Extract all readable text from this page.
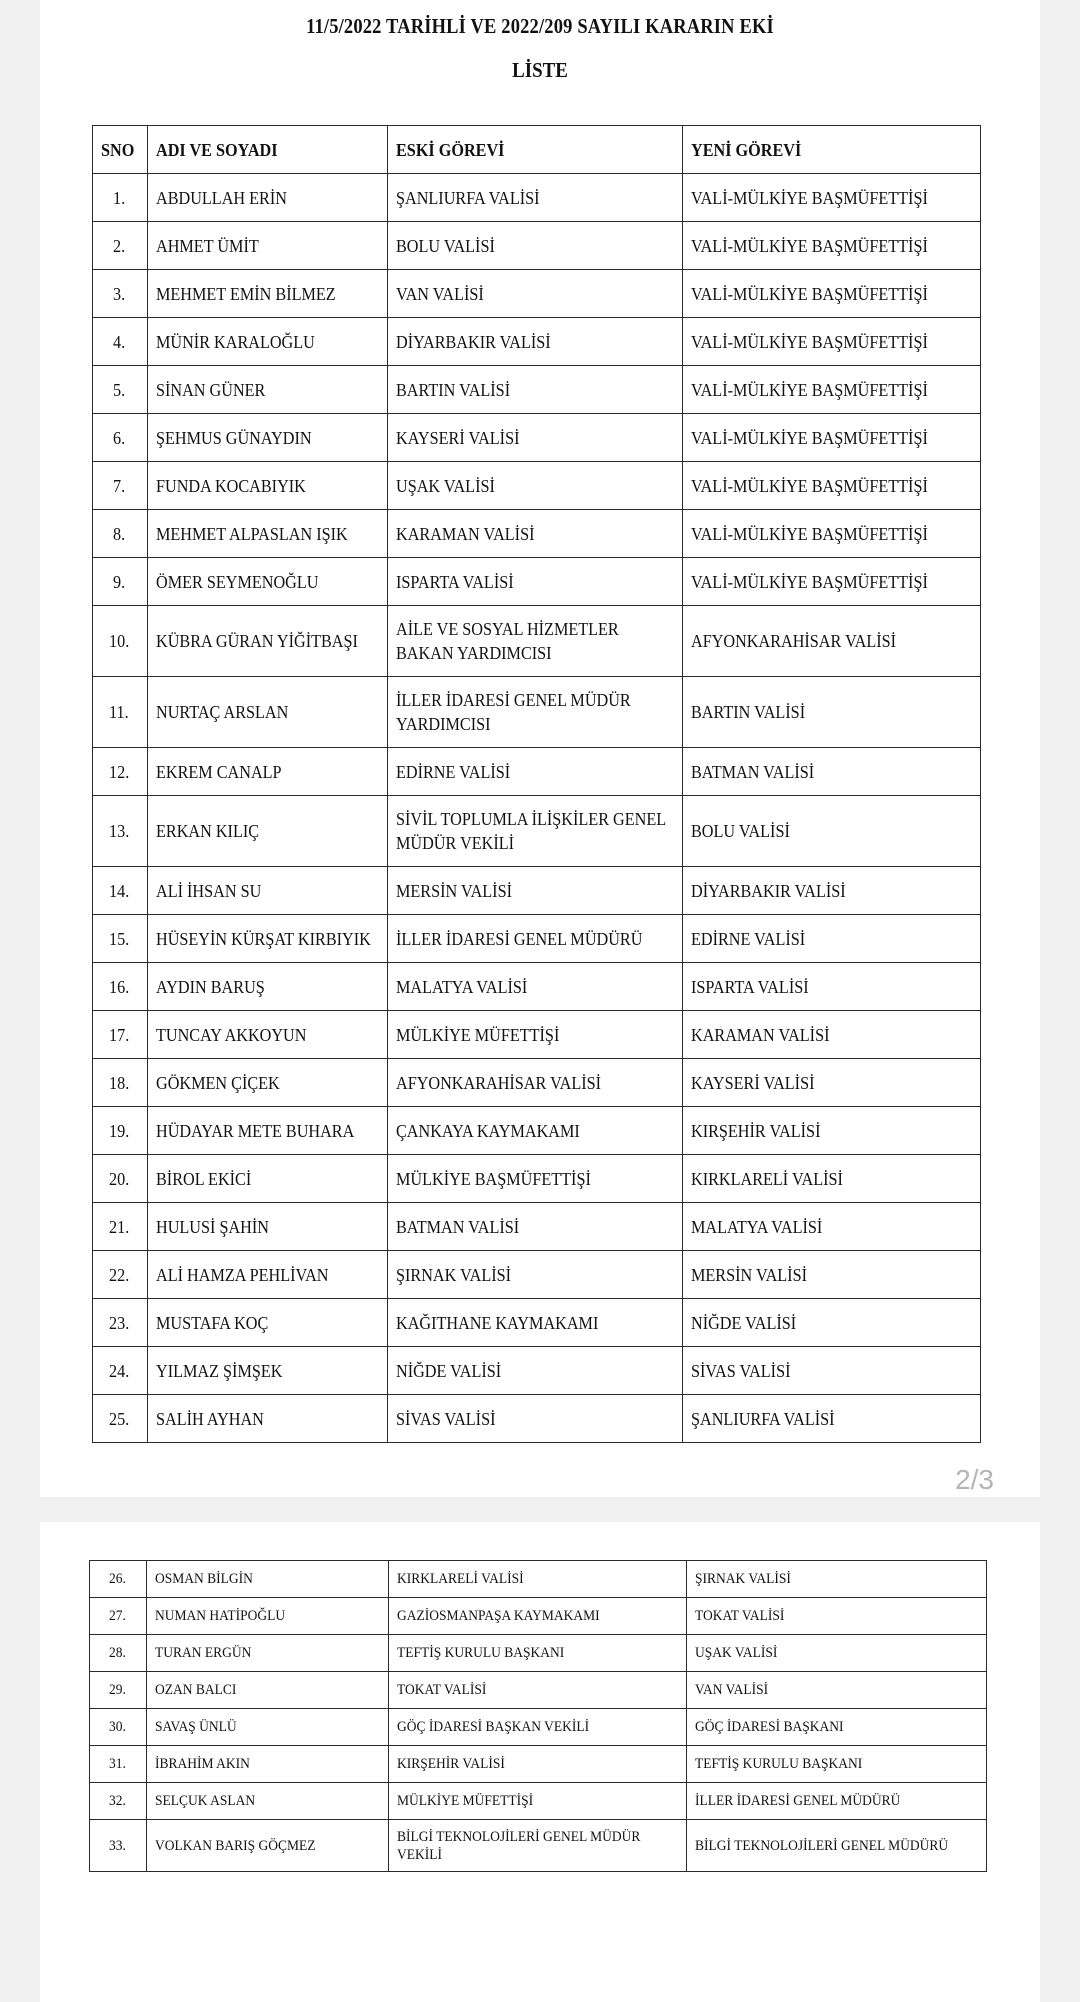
11/5/2022 TARİHLİ VE 2022/209 SAYILI KARARIN EKİ
LİSTE
SNO	ADI VE SOYADI	ESKİ GÖREVİ	YENİ GÖREVİ
1.	ABDULLAH ERİN	ŞANLIURFA VALİSİ	VALİ-MÜLKİYE BAŞMÜFETTİŞİ
2.	AHMET ÜMİT	BOLU VALİSİ	VALİ-MÜLKİYE BAŞMÜFETTİŞİ
3.	MEHMET EMİN BİLMEZ	VAN VALİSİ	VALİ-MÜLKİYE BAŞMÜFETTİŞİ
4.	MÜNİR KARALOĞLU	DİYARBAKIR VALİSİ	VALİ-MÜLKİYE BAŞMÜFETTİŞİ
5.	SİNAN GÜNER	BARTIN VALİSİ	VALİ-MÜLKİYE BAŞMÜFETTİŞİ
6.	ŞEHMUS GÜNAYDIN	KAYSERİ VALİSİ	VALİ-MÜLKİYE BAŞMÜFETTİŞİ
7.	FUNDA KOCABIYIK	UŞAK VALİSİ	VALİ-MÜLKİYE BAŞMÜFETTİŞİ
8.	MEHMET ALPASLAN IŞIK	KARAMAN VALİSİ	VALİ-MÜLKİYE BAŞMÜFETTİŞİ
9.	ÖMER SEYMENOĞLU	ISPARTA VALİSİ	VALİ-MÜLKİYE BAŞMÜFETTİŞİ
10.	KÜBRA GÜRAN YİĞİTBAŞI	AİLE VE SOSYAL HİZMETLER BAKAN YARDIMCISI	AFYONKARAHİSAR VALİSİ
11.	NURTAÇ ARSLAN	İLLER İDARESİ GENEL MÜDÜR YARDIMCISI	BARTIN VALİSİ
12.	EKREM CANALP	EDİRNE VALİSİ	BATMAN VALİSİ
13.	ERKAN KILIÇ	SİVİL TOPLUMLA İLİŞKİLER GENEL MÜDÜR VEKİLİ	BOLU VALİSİ
14.	ALİ İHSAN SU	MERSİN VALİSİ	DİYARBAKIR VALİSİ
15.	HÜSEYİN KÜRŞAT KIRBIYIK	İLLER İDARESİ GENEL MÜDÜRÜ	EDİRNE VALİSİ
16.	AYDIN BARUŞ	MALATYA VALİSİ	ISPARTA VALİSİ
17.	TUNCAY AKKOYUN	MÜLKİYE MÜFETTİŞİ	KARAMAN VALİSİ
18.	GÖKMEN ÇİÇEK	AFYONKARAHİSAR VALİSİ	KAYSERİ VALİSİ
19.	HÜDAYAR METE BUHARA	ÇANKAYA KAYMAKAMI	KIRŞEHİR VALİSİ
20.	BİROL EKİCİ	MÜLKİYE BAŞMÜFETTİŞİ	KIRKLARELİ VALİSİ
21.	HULUSİ ŞAHİN	BATMAN VALİSİ	MALATYA VALİSİ
22.	ALİ HAMZA PEHLİVAN	ŞIRNAK VALİSİ	MERSİN VALİSİ
23.	MUSTAFA KOÇ	KAĞITHANE KAYMAKAMI	NİĞDE VALİSİ
24.	YILMAZ ŞİMŞEK	NİĞDE VALİSİ	SİVAS VALİSİ
25.	SALİH AYHAN	SİVAS VALİSİ	ŞANLIURFA VALİSİ
2/3
26.	OSMAN BİLGİN	KIRKLARELİ VALİSİ	ŞIRNAK VALİSİ
27.	NUMAN HATİPOĞLU	GAZİOSMANPAŞA KAYMAKAMI	TOKAT VALİSİ
28.	TURAN ERGÜN	TEFTİŞ KURULU BAŞKANI	UŞAK VALİSİ
29.	OZAN BALCI	TOKAT VALİSİ	VAN VALİSİ
30.	SAVAŞ ÜNLÜ	GÖÇ İDARESİ BAŞKAN VEKİLİ	GÖÇ İDARESİ BAŞKANI
31.	İBRAHİM AKIN	KIRŞEHİR VALİSİ	TEFTİŞ KURULU BAŞKANI
32.	SELÇUK ASLAN	MÜLKİYE MÜFETTİŞİ	İLLER İDARESİ GENEL MÜDÜRÜ
33.	VOLKAN BARIŞ GÖÇMEZ	BİLGİ TEKNOLOJİLERİ GENEL MÜDÜR VEKİLİ	BİLGİ TEKNOLOJİLERİ GENEL MÜDÜRÜ
